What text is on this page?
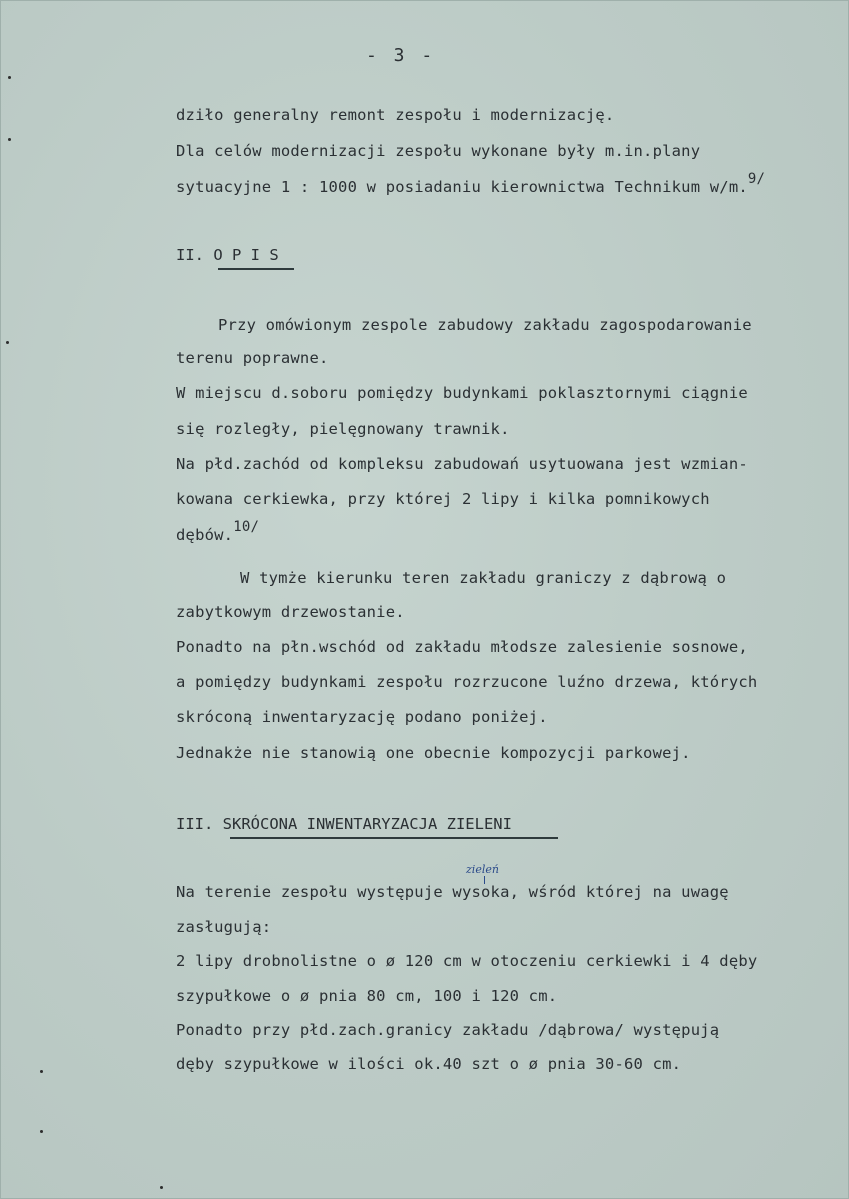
- 3 -
dziło generalny remont zespołu i modernizację.
Dla celów modernizacji zespołu wykonane były m.in.plany
sytuacyjne 1 : 1000 w posiadaniu kierownictwa Technikum w/m.9/
II. O P I S
Przy omówionym zespole zabudowy zakładu zagospodarowanie
terenu poprawne.
W miejscu d.soboru pomiędzy budynkami poklasztornymi ciągnie
się rozległy, pielęgnowany trawnik.
Na płd.zachód od kompleksu zabudowań usytuowana jest wzmian-
kowana cerkiewka, przy której 2 lipy i kilka pomnikowych
dębów.10/
W tymże kierunku teren zakładu graniczy z dąbrową o
zabytkowym drzewostanie.
Ponadto na płn.wschód od zakładu młodsze zalesienie sosnowe,
a pomiędzy budynkami zespołu rozrzucone luźno drzewa, których
skróconą inwentaryzację podano poniżej.
Jednakże nie stanowią one obecnie kompozycji parkowej.
III. SKRÓCONA INWENTARYZACJA ZIELENI
zieleń
Na terenie zespołu występuje wysoka, wśród której na uwagę
zasługują:
2 lipy drobnolistne o ø 120 cm w otoczeniu cerkiewki i 4 dęby
szypułkowe o ø pnia 80 cm, 100 i 120 cm.
Ponadto przy płd.zach.granicy zakładu /dąbrowa/ występują
dęby szypułkowe w ilości ok.40 szt o ø pnia 30-60 cm.
